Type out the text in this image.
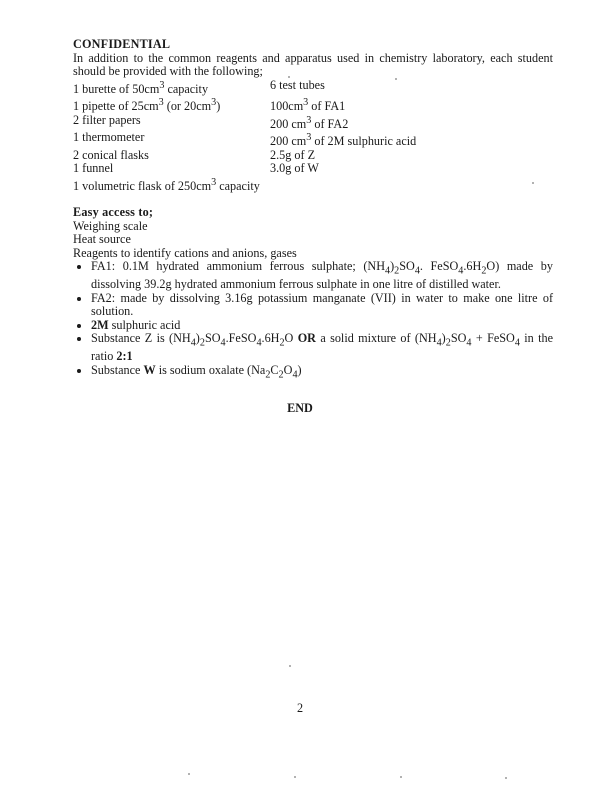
CONFIDENTIAL
In addition to the common reagents and apparatus used in chemistry laboratory, each student should be provided with the following;
1 burette of $50cm^3$ capacity	6 test tubes
1 pipette of $25cm^3$ (or $20cm^3$)	$100cm^3$ of FA1
2 filter papers	200 $cm^3$ of FA2
1 thermometer	200 $cm^3$ of 2M sulphuric acid
2 conical flasks	2.5g of Z
1 funnel	3.0g of W
1 volumetric flask of $250cm^3$ capacity
Easy access to;
Weighing scale
Heat source
Reagents to identify cations and anions, gases
FA1: 0.1M hydrated ammonium ferrous sulphate; $(NH_4)_2SO_4$. $FeSO_4.6H_2O$) made by dissolving 39.2g hydrated ammonium ferrous sulphate in one litre of distilled water.
FA2: made by dissolving 3.16g potassium manganate (VII) in water to make one litre of solution.
2M sulphuric acid
Substance Z is $(NH_4)_2SO_4.FeSO_4.6H_2O$ OR a solid mixture of $(NH_4)_2SO_4$ + FeSO$_4$ in the ratio 2:1
Substance W is sodium oxalate $(Na_2C_2O_4)$
END
2
